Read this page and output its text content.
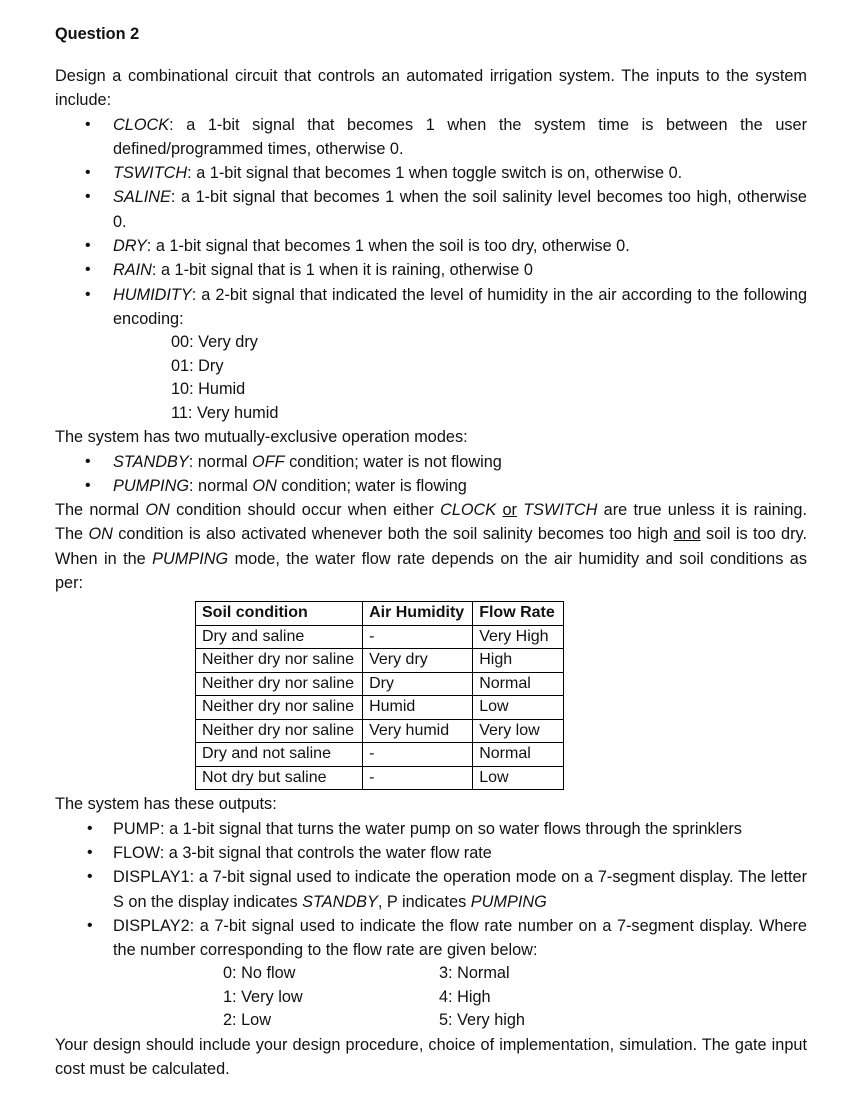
Question 2

Design a combinational circuit that controls an automated irrigation system. The inputs to the system include:

• CLOCK: a 1-bit signal that becomes 1 when the system time is between the user defined/programmed times, otherwise 0.
• TSWITCH: a 1-bit signal that becomes 1 when toggle switch is on, otherwise 0.
• SALINE: a 1-bit signal that becomes 1 when the soil salinity level becomes too high, otherwise 0.
• DRY: a 1-bit signal that becomes 1 when the soil is too dry, otherwise 0.
• RAIN: a 1-bit signal that is 1 when it is raining, otherwise 0
• HUMIDITY: a 2-bit signal that indicated the level of humidity in the air according to the following encoding:
00: Very dry
01: Dry
10: Humid
11: Very humid

The system has two mutually-exclusive operation modes:

• STANDBY: normal OFF condition; water is not flowing
• PUMPING: normal ON condition; water is flowing

The normal ON condition should occur when either CLOCK or TSWITCH are true unless it is raining. The ON condition is also activated whenever both the soil salinity becomes too high and soil is too dry. When in the PUMPING mode, the water flow rate depends on the air humidity and soil conditions as per:

Soil condition	Air Humidity	Flow Rate
Dry and saline	-	Very High
Neither dry nor saline	Very dry	High
Neither dry nor saline	Dry	Normal
Neither dry nor saline	Humid	Low
Neither dry nor saline	Very humid	Very low
Dry and not saline	-	Normal
Not dry but saline	-	Low

The system has these outputs:

• PUMP: a 1-bit signal that turns the water pump on so water flows through the sprinklers
• FLOW: a 3-bit signal that controls the water flow rate
• DISPLAY1: a 7-bit signal used to indicate the operation mode on a 7-segment display. The letter S on the display indicates STANDBY, P indicates PUMPING
• DISPLAY2: a 7-bit signal used to indicate the flow rate number on a 7-segment display. Where the number corresponding to the flow rate are given below:
0: No flow	3: Normal
1: Very low	4: High
2: Low	5: Very high

Your design should include your design procedure, choice of implementation, simulation. The gate input cost must be calculated.
